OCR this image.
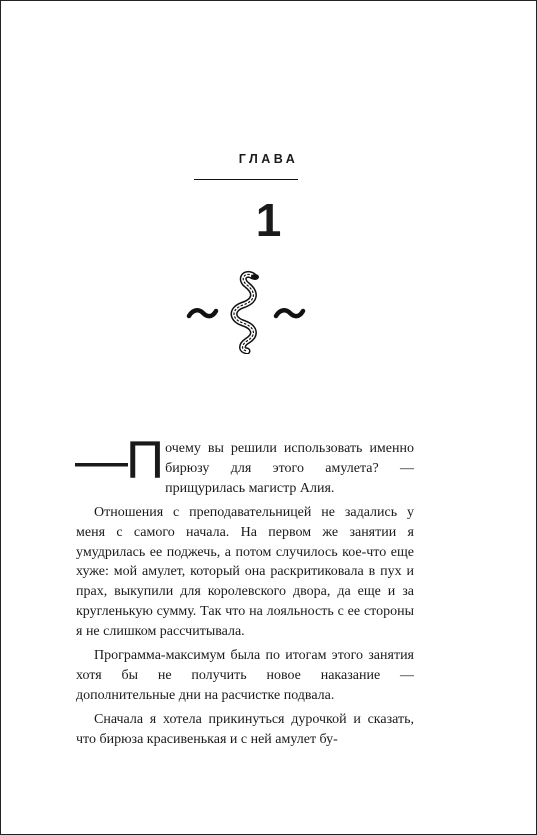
ГЛАВА
1

—П очему вы решили использовать именно бирюзу для этого амулета? — прищурилась магистр Алия.

Отношения с преподавательницей не задались у меня с самого начала. На первом же занятии я умудрилась ее поджечь, а потом случилось кое-что еще хуже: мой амулет, который она раскритиковала в пух и прах, выкупили для королевского двора, да еще и за кругленькую сумму. Так что на лояльность с ее стороны я не слишком рассчитывала.

Программа-максимум была по итогам этого занятия хотя бы не получить новое наказание — дополнительные дни на расчистке подвала.

Сначала я хотела прикинуться дурочкой и сказать, что бирюза красивенькая и с ней амулет бу-
